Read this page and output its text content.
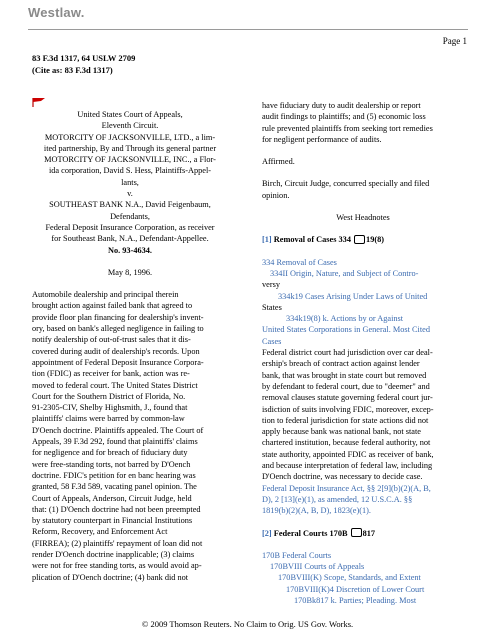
Westlaw.
Page 1
83 F.3d 1317, 64 USLW 2709
(Cite as: 83 F.3d 1317)

United States Court of Appeals,

Eleventh Circuit.

MOTORCITY OF JACKSONVILLE, LTD., a lim-

ited partnership, By and Through its general partner

MOTORCITY OF JACKSONVILLE, INC., a Flor-

ida corporation, David S. Hess, Plaintiffs-Appel-

lants,

v.

SOUTHEAST BANK N.A., David Feigenbaum,

Defendants,

Federal Deposit Insurance Corporation, as receiver

for Southeast Bank, N.A., Defendant-Appellee.

No. 93-4634.

May 8, 1996.

Automobile dealership and principal therein

brought action against failed bank that agreed to

provide floor plan financing for dealership's invent-

ory, based on bank's alleged negligence in failing to

notify dealership of out-of-trust sales that it dis-

covered during audit of dealership's records. Upon

appointment of Federal Deposit Insurance Corpora-

tion (FDIC) as receiver for bank, action was re-

moved to federal court. The United States District

Court for the Southern District of Florida, No.

91-2305-CIV, Shelby Highsmith, J., found that

plaintiffs' claims were barred by common-law

D'Oench doctrine. Plaintiffs appealed. The Court of

Appeals, 39 F.3d 292, found that plaintiffs' claims

for negligence and for breach of fiduciary duty

were free-standing torts, not barred by D'Oench

doctrine. FDIC's petition for en banc hearing was

granted, 58 F.3d 589, vacating panel opinion. The

Court of Appeals, Anderson, Circuit Judge, held

that: (1) D'Oench doctrine had not been preempted

by statutory counterpart in Financial Institutions

Reform, Recovery, and Enforcement Act

(FIRREA); (2) plaintiffs' repayment of loan did not

render D'Oench doctrine inapplicable; (3) claims

were not for free standing torts, as would avoid ap-

plication of D'Oench doctrine; (4) bank did not

have fiduciary duty to audit dealership or report

audit findings to plaintiffs; and (5) economic loss

rule prevented plaintiffs from seeking tort remedies

for negligent performance of audits.

Affirmed.

Birch, Circuit Judge, concurred specially and filed

opinion.

West Headnotes

[1] Removal of Cases 334 19(8)

334 Removal of Cases

334II Origin, Nature, and Subject of Contro-

versy

334k19 Cases Arising Under Laws of United

States

334k19(8) k. Actions by or Against

United States Corporations in General. Most Cited

Cases

Federal district court had jurisdiction over car deal-

ership's breach of contract action against lender

bank, that was brought in state court but removed

by defendant to federal court, due to "deemer" and

removal clauses statute governing federal court jur-

isdiction of suits involving FDIC, moreover, excep-

tion to federal jurisdiction for state actions did not

apply because bank was national bank, not state

chartered institution, because federal authority, not

state authority, appointed FDIC as receiver of bank,

and because interpretation of federal law, including

D'Oench doctrine, was necessary to decide case.

Federal Deposit Insurance Act, §§ 2[9](b)(2)(A, B,

D), 2 [13](e)(1), as amended, 12 U.S.C.A. §§

1819(b)(2)(A, B, D), 1823(e)(1).

[2] Federal Courts 170B 817

170B Federal Courts

170BVIII Courts of Appeals

170BVIII(K) Scope, Standards, and Extent

170BVIII(K)4 Discretion of Lower Court

170Bk817 k. Parties; Pleading. Most

© 2009 Thomson Reuters. No Claim to Orig. US Gov. Works.
